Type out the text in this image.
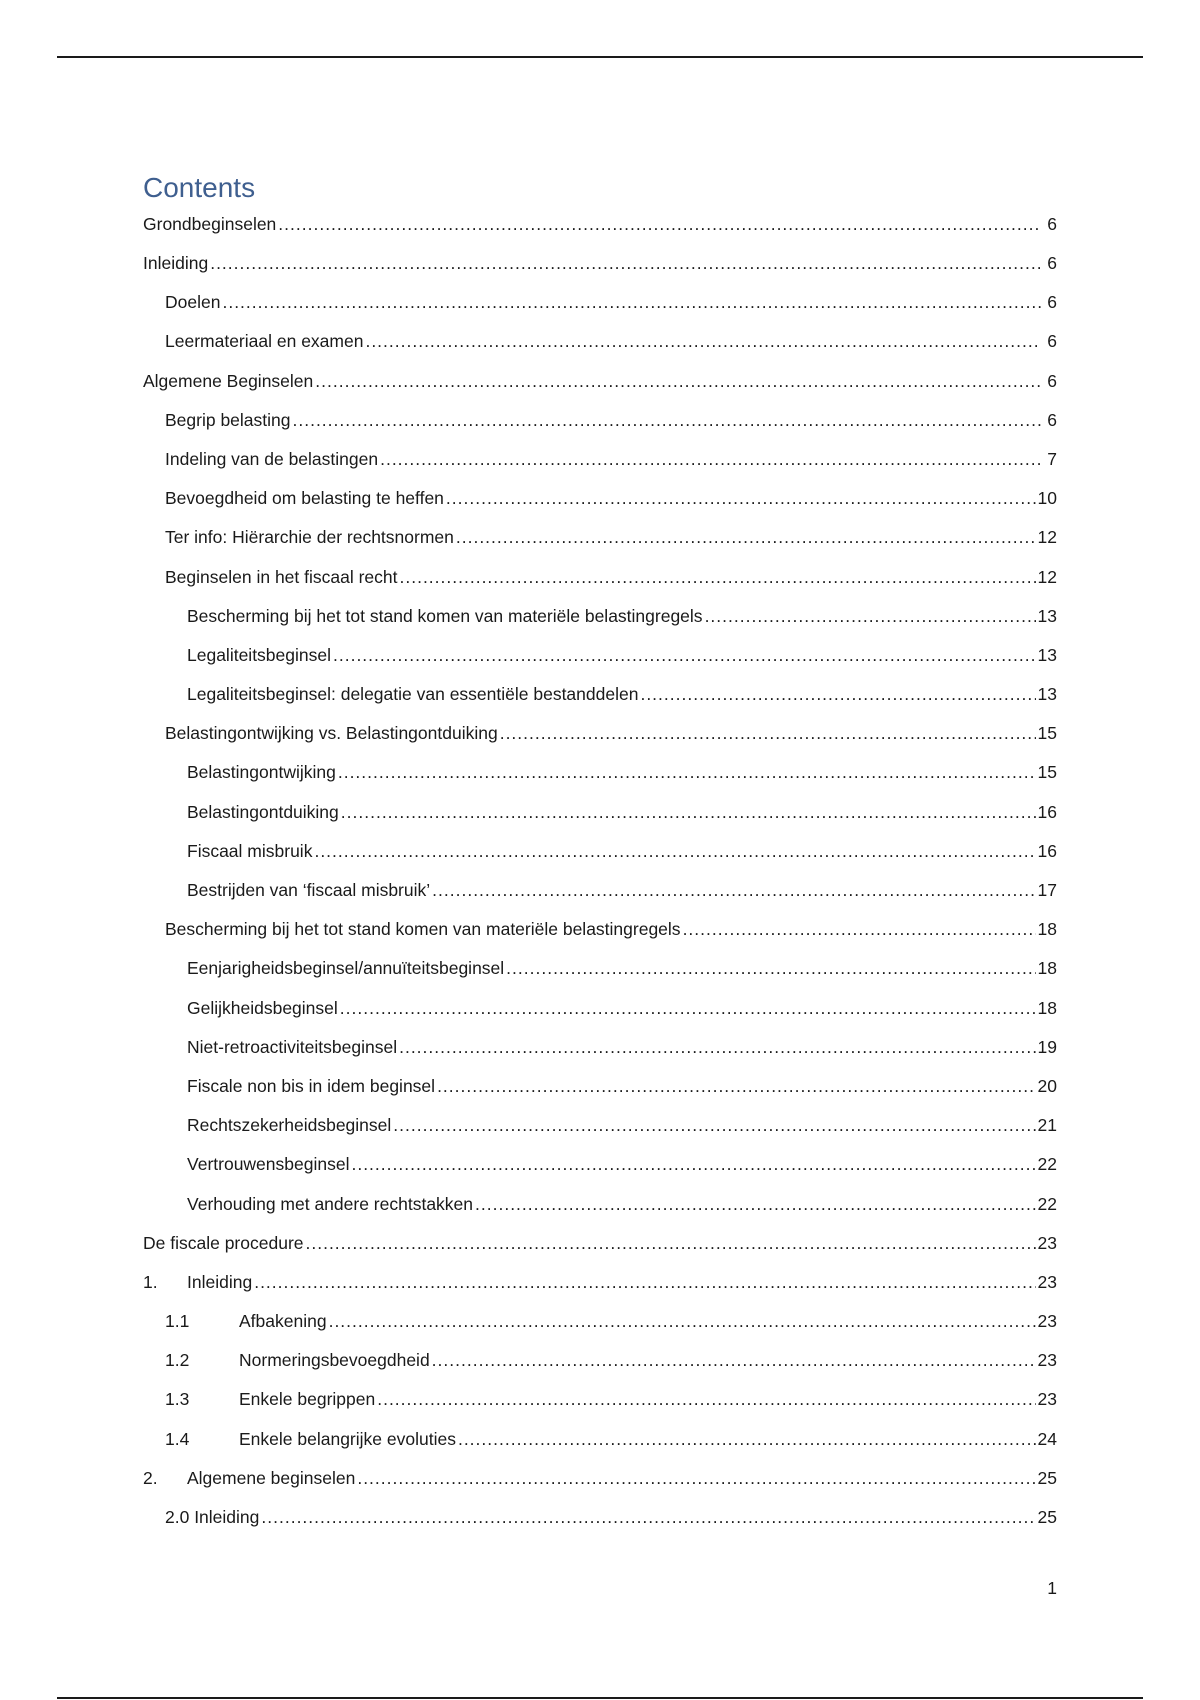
Contents
Grondbeginselen .....	6
Inleiding .....	6
Doelen .....	6
Leermateriaal en examen .....	6
Algemene Beginselen .....	6
Begrip belasting .....	6
Indeling van de belastingen .....	7
Bevoegdheid om belasting te heffen .....	10
Ter info: Hiërarchie der rechtsnormen .....	12
Beginselen in het fiscaal recht .....	12
Bescherming bij het tot stand komen van materiële belastingregels .....	13
Legaliteitsbeginsel .....	13
Legaliteitsbeginsel: delegatie van essentiële bestanddelen .....	13
Belastingontwijking vs. Belastingontduiking .....	15
Belastingontwijking .....	15
Belastingontduiking .....	16
Fiscaal misbruik .....	16
Bestrijden van ‘fiscaal misbruik’ .....	17
Bescherming bij het tot stand komen van materiële belastingregels .....	18
Eenjarigheidsbeginsel/annuïteitsbeginsel .....	18
Gelijkheidsbeginsel .....	18
Niet-retroactiviteitsbeginsel .....	19
Fiscale non bis in idem beginsel .....	20
Rechtszekerheidsbeginsel .....	21
Vertrouwensbeginsel .....	22
Verhouding met andere rechtstakken .....	22
De fiscale procedure .....	23
1.	Inleiding .....	23
1.1	Afbakening .....	23
1.2	Normeringsbevoegdheid .....	23
1.3	Enkele begrippen .....	23
1.4	Enkele belangrijke evoluties .....	24
2.	Algemene beginselen .....	25
2.0 Inleiding .....	25
1
